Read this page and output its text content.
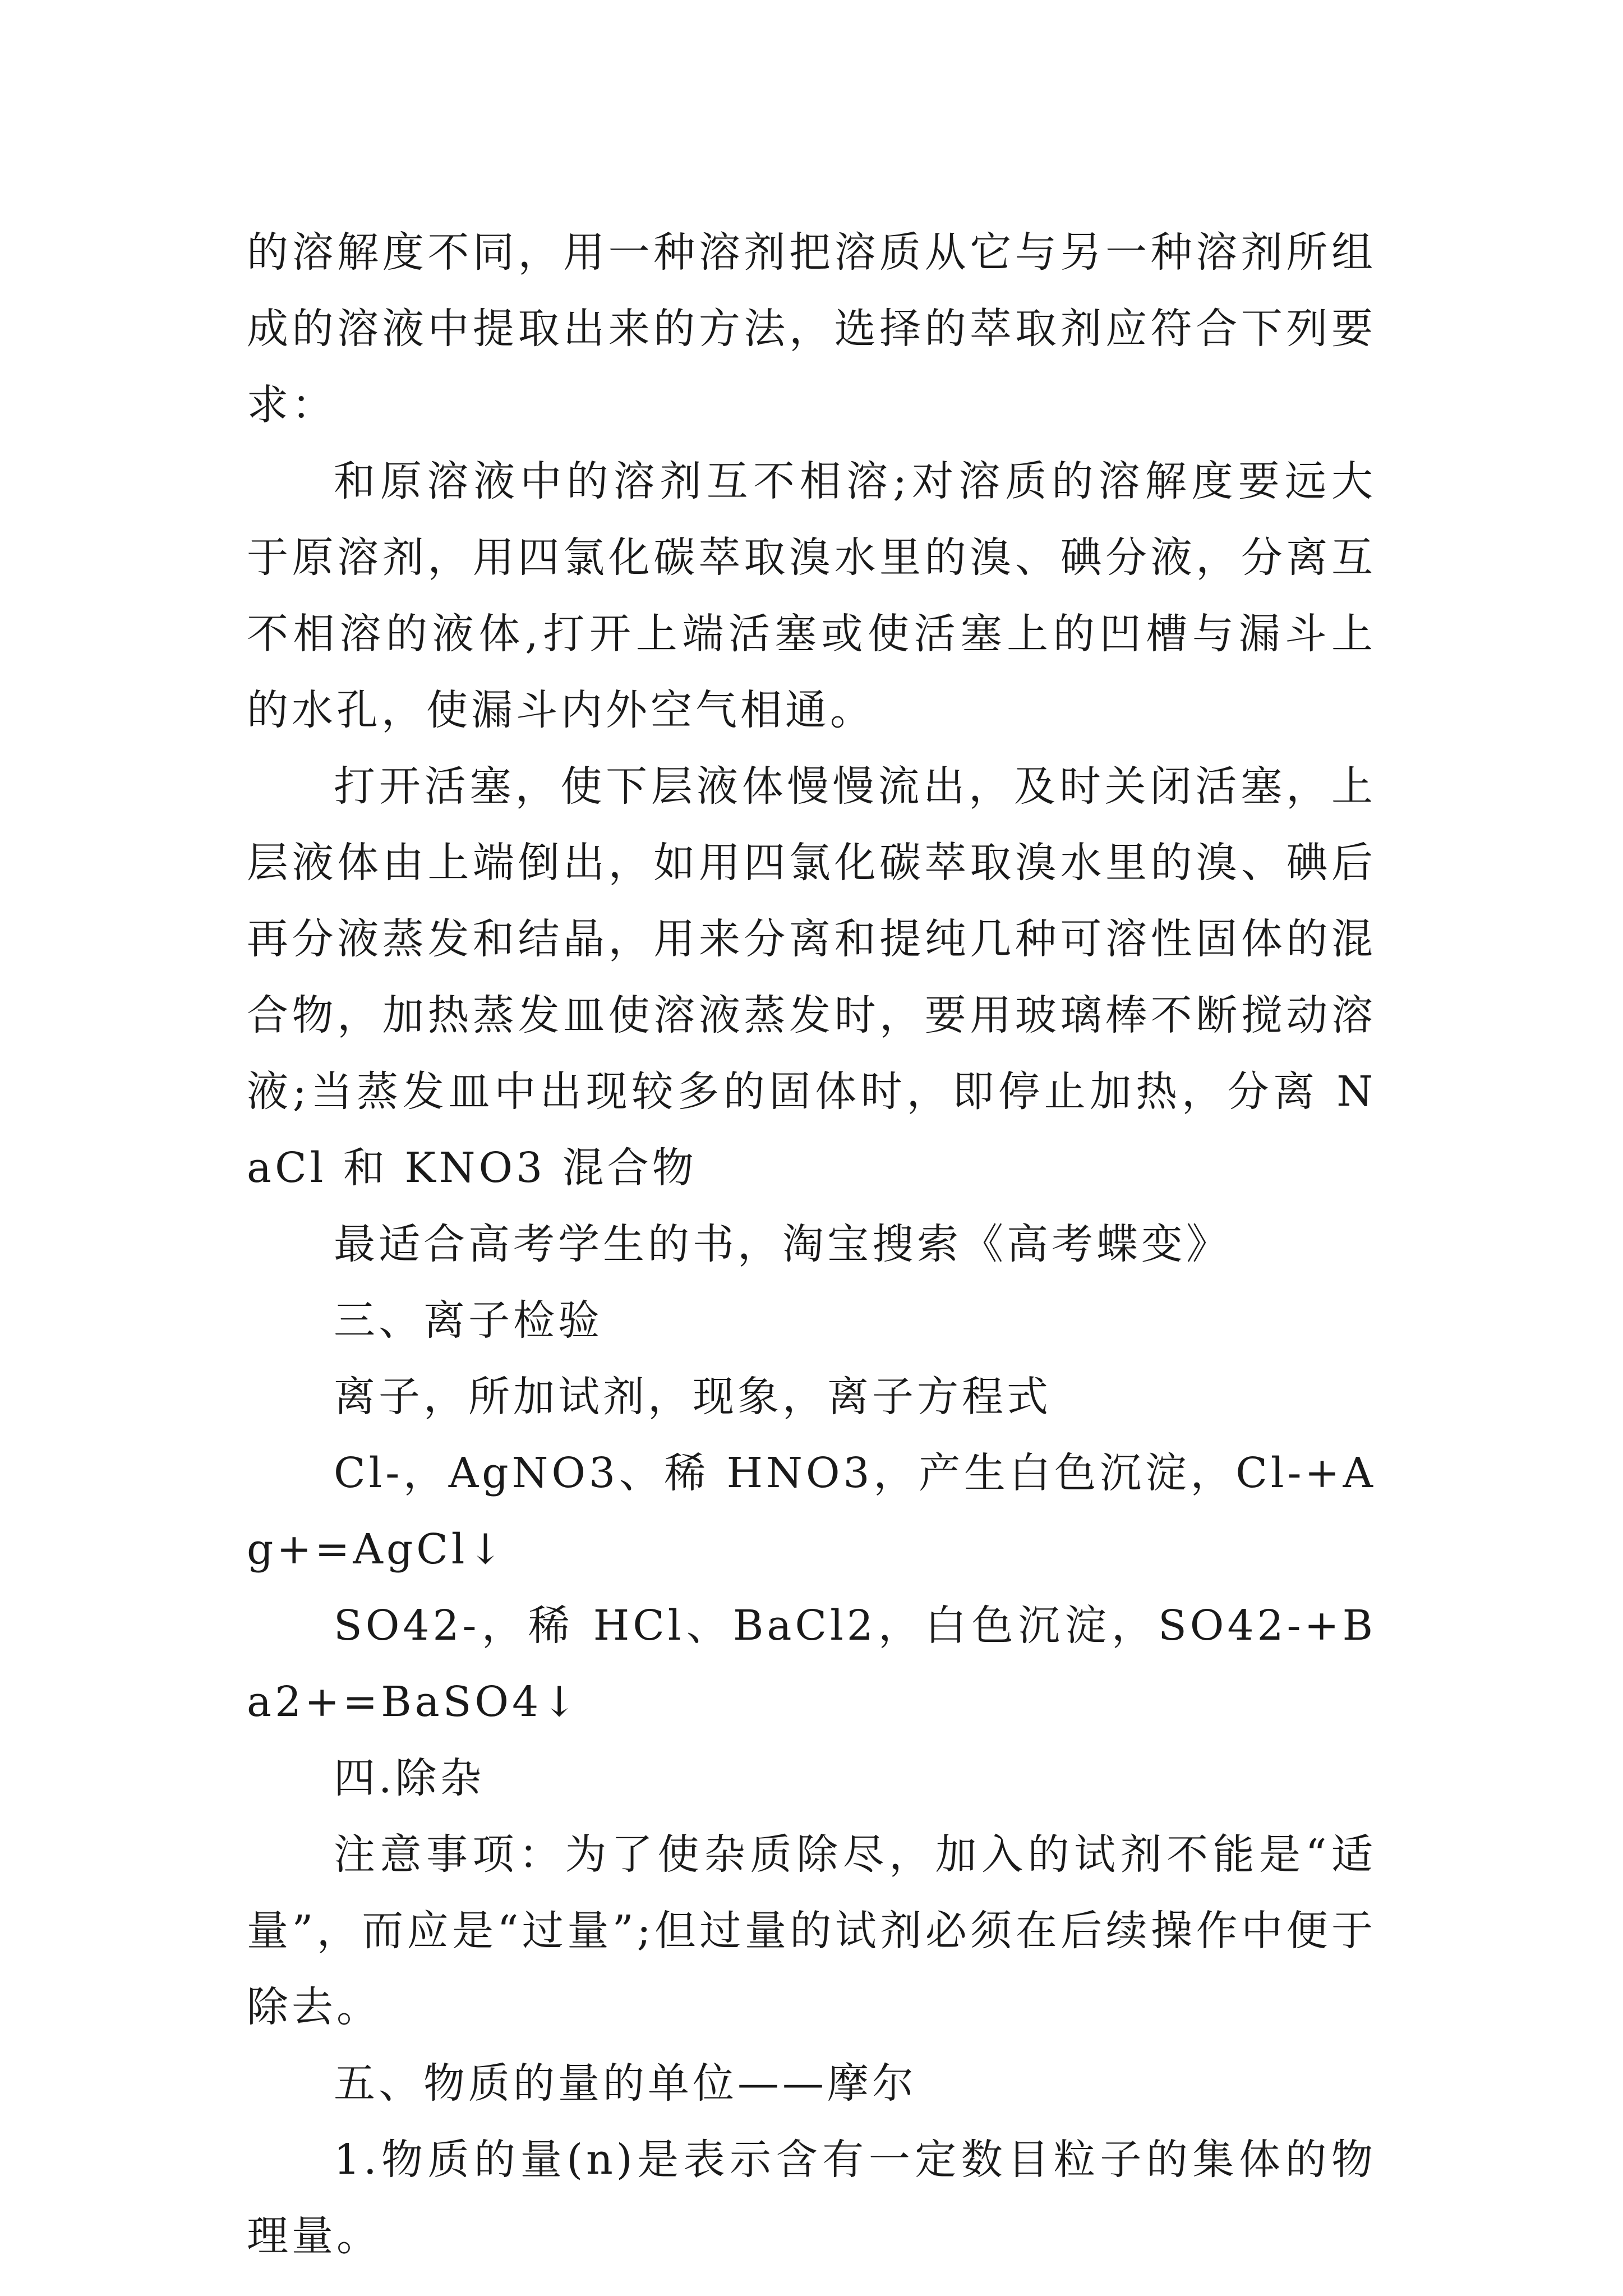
的溶解度不同，用一种溶剂把溶质从它与另一种溶剂所组成的溶液中提取出来的方法，选择的萃取剂应符合下列要求：

和原溶液中的溶剂互不相溶;对溶质的溶解度要远大于原溶剂，用四氯化碳萃取溴水里的溴、碘分液，分离互不相溶的液体,打开上端活塞或使活塞上的凹槽与漏斗上的水孔，使漏斗内外空气相通。

打开活塞，使下层液体慢慢流出，及时关闭活塞，上层液体由上端倒出，如用四氯化碳萃取溴水里的溴、碘后再分液蒸发和结晶，用来分离和提纯几种可溶性固体的混合物，加热蒸发皿使溶液蒸发时，要用玻璃棒不断搅动溶液;当蒸发皿中出现较多的固体时，即停止加热，分离 NaCl 和 KNO3 混合物

最适合高考学生的书，淘宝搜索《高考蝶变》

三、离子检验

离子，所加试剂，现象，离子方程式

Cl-，AgNO3、稀 HNO3，产生白色沉淀，Cl-+Ag+=AgCl↓

SO42-，稀 HCl、BaCl2，白色沉淀，SO42-+Ba2+=BaSO4↓

四.除杂

注意事项：为了使杂质除尽，加入的试剂不能是“适量”，而应是“过量”;但过量的试剂必须在后续操作中便于除去。

五、物质的量的单位——摩尔

1.物质的量(n)是表示含有一定数目粒子的集体的物理量。
